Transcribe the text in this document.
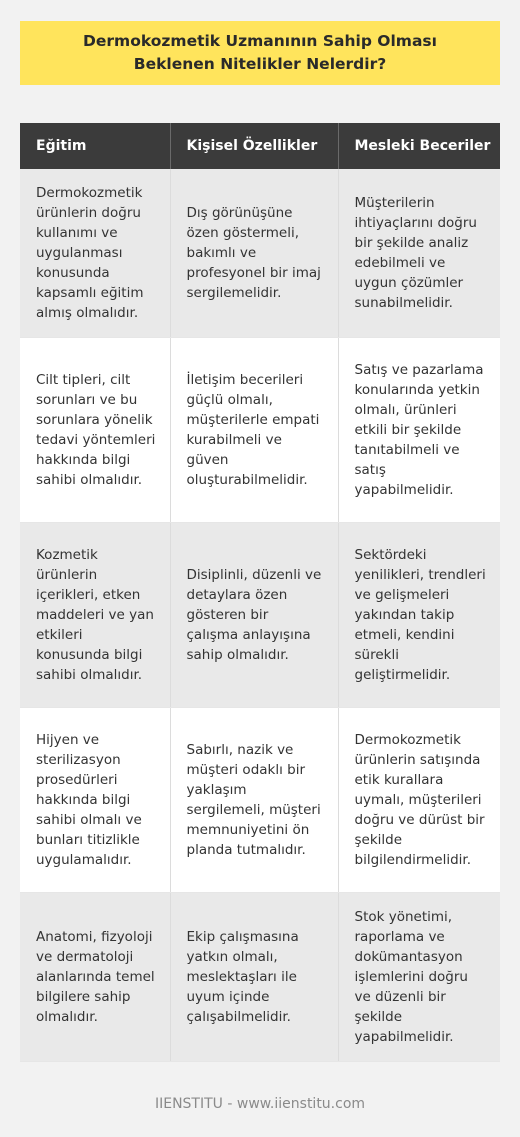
Dermokozmetik Uzmanının Sahip Olması Beklenen Nitelikler Nelerdir?
Eğitim	Kişisel Özellikler	Mesleki Beceriler
Dermokozmetik ürünlerin doğru kullanımı ve uygulanması konusunda kapsamlı eğitim almış olmalıdır.	Dış görünüşüne özen göstermeli, bakımlı ve profesyonel bir imaj sergilemelidir.	Müşterilerin ihtiyaçlarını doğru bir şekilde analiz edebilmeli ve uygun çözümler sunabilmelidir.
Cilt tipleri, cilt sorunları ve bu sorunlara yönelik tedavi yöntemleri hakkında bilgi sahibi olmalıdır.	İletişim becerileri güçlü olmalı, müşterilerle empati kurabilmeli ve güven oluşturabilmelidir.	Satış ve pazarlama konularında yetkin olmalı, ürünleri etkili bir şekilde tanıtabilmeli ve satış yapabilmelidir.
Kozmetik ürünlerin içerikleri, etken maddeleri ve yan etkileri konusunda bilgi sahibi olmalıdır.	Disiplinli, düzenli ve detaylara özen gösteren bir çalışma anlayışına sahip olmalıdır.	Sektördeki yenilikleri, trendleri ve gelişmeleri yakından takip etmeli, kendini sürekli geliştirmelidir.
Hijyen ve sterilizasyon prosedürleri hakkında bilgi sahibi olmalı ve bunları titizlikle uygulamalıdır.	Sabırlı, nazik ve müşteri odaklı bir yaklaşım sergilemeli, müşteri memnuniyetini ön planda tutmalıdır.	Dermokozmetik ürünlerin satışında etik kurallara uymalı, müşterileri doğru ve dürüst bir şekilde bilgilendirmelidir.
Anatomi, fizyoloji ve dermatoloji alanlarında temel bilgilere sahip olmalıdır.	Ekip çalışmasına yatkın olmalı, meslektaşları ile uyum içinde çalışabilmelidir.	Stok yönetimi, raporlama ve dokümantasyon işlemlerini doğru ve düzenli bir şekilde yapabilmelidir.
IIENSTITU - www.iienstitu.com
